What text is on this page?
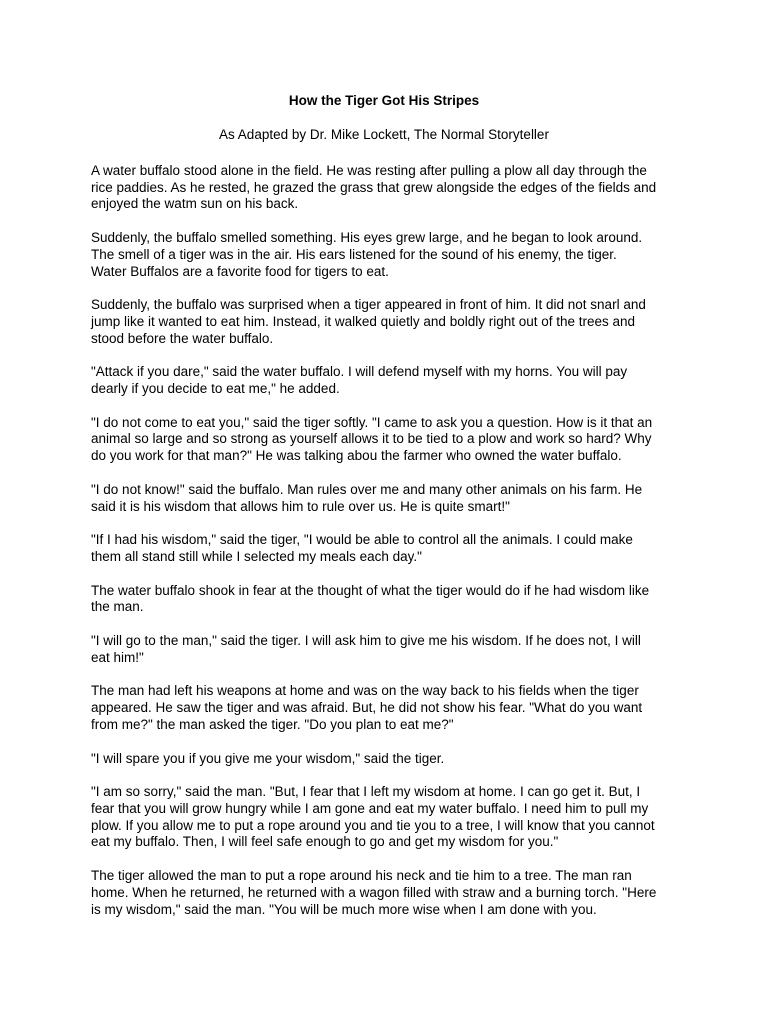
How the Tiger Got His Stripes
As Adapted by Dr. Mike Lockett, The Normal Storyteller
A water buffalo stood alone in the field. He was resting after pulling a plow all day through the
rice paddies. As he rested, he grazed the grass that grew alongside the edges of the fields and
enjoyed the watm sun on his back.
Suddenly, the buffalo smelled something. His eyes grew large, and he began to look around.
The smell of a tiger was in the air. His ears listened for the sound of his enemy, the tiger.
Water Buffalos are a favorite food for tigers to eat.
Suddenly, the buffalo was surprised when a tiger appeared in front of him. It did not snarl and
jump like it wanted to eat him. Instead, it walked quietly and boldly right out of the trees and
stood before the water buffalo.
"Attack if you dare," said the water buffalo. I will defend myself with my horns. You will pay
dearly if you decide to eat me," he added.
"I do not come to eat you," said the tiger softly. "I came to ask you a question. How is it that an
animal so large and so strong as yourself allows it to be tied to a plow and work so hard? Why
do you work for that man?" He was talking abou the farmer who owned the water buffalo.
"I do not know!" said the buffalo. Man rules over me and many other animals on his farm. He
said it is his wisdom that allows him to rule over us. He is quite smart!"
"If I had his wisdom," said the tiger, "I would be able to control all the animals. I could make
them all stand still while I selected my meals each day."
The water buffalo shook in fear at the thought of what the tiger would do if he had wisdom like
the man.
"I will go to the man," said the tiger. I will ask him to give me his wisdom. If he does not, I will
eat him!"
The man had left his weapons at home and was on the way back to his fields when the tiger
appeared. He saw the tiger and was afraid. But, he did not show his fear. "What do you want
from me?" the man asked the tiger. "Do you plan to eat me?"
"I will spare you if you give me your wisdom," said the tiger.
"I am so sorry," said the man. "But, I fear that I left my wisdom at home. I can go get it. But, I
fear that you will grow hungry while I am gone and eat my water buffalo. I need him to pull my
plow. If you allow me to put a rope around you and tie you to a tree, I will know that you cannot
eat my buffalo. Then, I will feel safe enough to go and get my wisdom for you."
The tiger allowed the man to put a rope around his neck and tie him to a tree. The man ran
home. When he returned, he returned with a wagon filled with straw and a burning torch. "Here
is my wisdom," said the man. "You will be much more wise when I am done with you.
